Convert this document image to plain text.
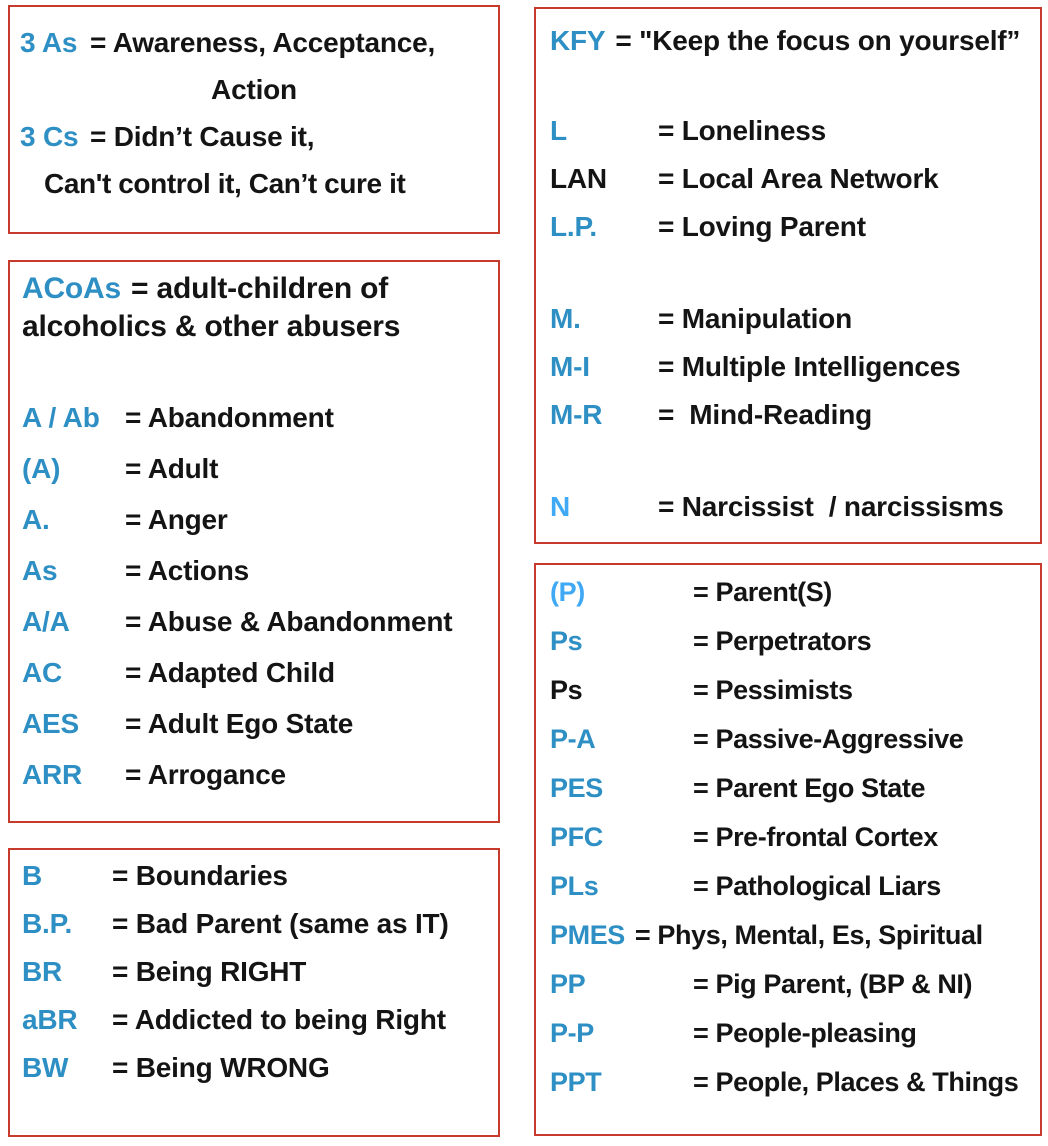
3 As = Awareness, Acceptance,
Action
3 Cs = Didn’t Cause it,
Can't control it, Can’t cure it
ACoAs = adult-children of alcoholics & other abusers
A / Ab = Abandonment
(A)	= Adult
A.	= Anger
As	= Actions
A/A	= Abuse & Abandonment
AC	= Adapted Child
AES	= Adult Ego State
ARR	= Arrogance
B	= Boundaries
B.P.	= Bad Parent (same as IT)
BR	= Being RIGHT
aBR	= Addicted to being Right
BW	= Being WRONG
KFY = "Keep the focus on yourself”
L	= Loneliness
LAN	= Local Area Network
L.P.	= Loving Parent
M.	= Manipulation
M-I	= Multiple Intelligences
M-R	=  Mind-Reading
N	= Narcissist  / narcissisms
(P)	= Parent(S)
Ps	= Perpetrators
Ps	= Pessimists
P-A	= Passive-Aggressive
PES	= Parent Ego State
PFC	= Pre-frontal Cortex
PLs	= Pathological Liars
PMES = Phys, Mental, Es, Spiritual
PP	= Pig Parent, (BP & NI)
P-P	= People-pleasing
PPT	= People, Places & Things
